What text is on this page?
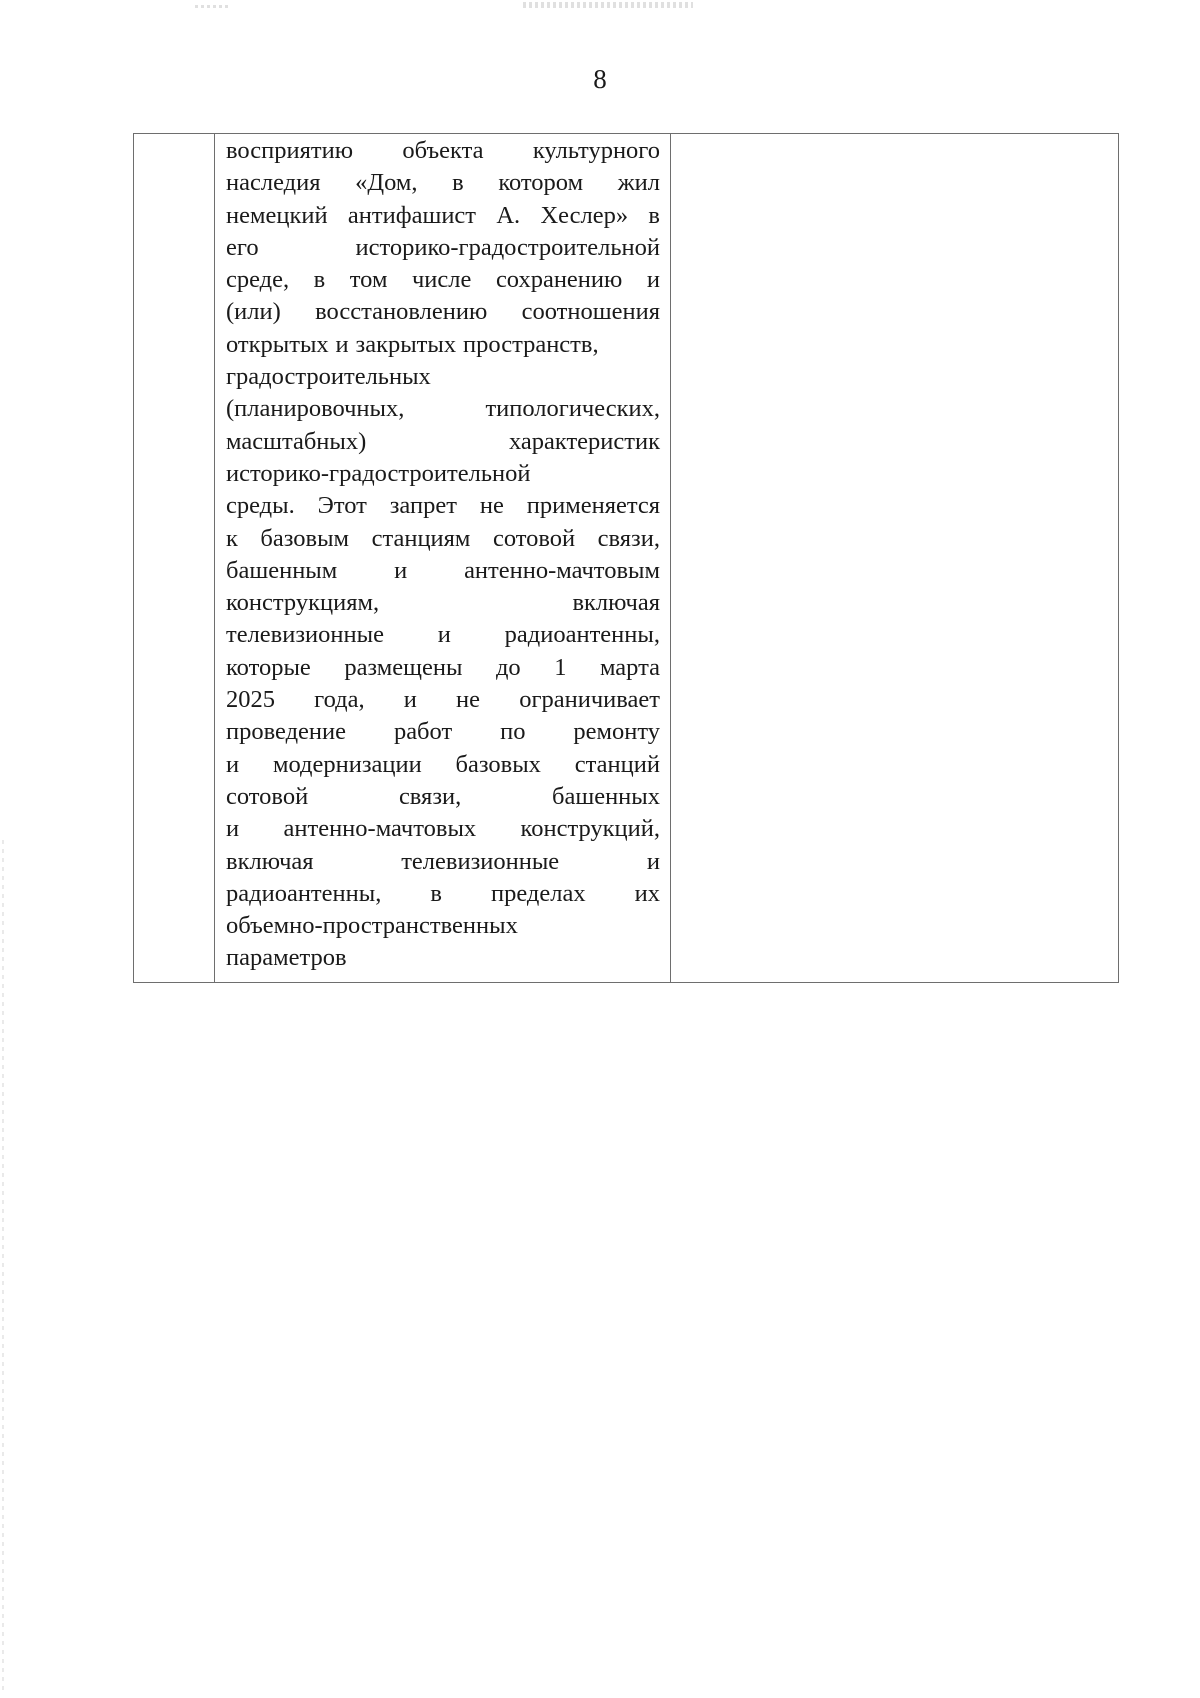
8

восприятию объекта культурного
наследия «Дом, в котором жил
немецкий антифашист А. Хеслер» в
его	историко-градостроительной
среде, в том числе сохранению и
(или) восстановлению соотношения
открытых и закрытых пространств,
градостроительных
(планировочных,	типологических,
масштабных)	характеристик
историко-градостроительной
среды. Этот запрет не применяется
к базовым станциям сотовой связи,
башенным и антенно-мачтовым
конструкциям,	включая
телевизионные и радиоантенны,
которые размещены до 1 марта
2025 года, и не ограничивает
проведение работ по ремонту
и модернизации базовых станций
сотовой	связи,	башенных
и антенно-мачтовых конструкций,
включая	телевизионные	и
радиоантенны, в пределах их
объемно-пространственных
параметров
